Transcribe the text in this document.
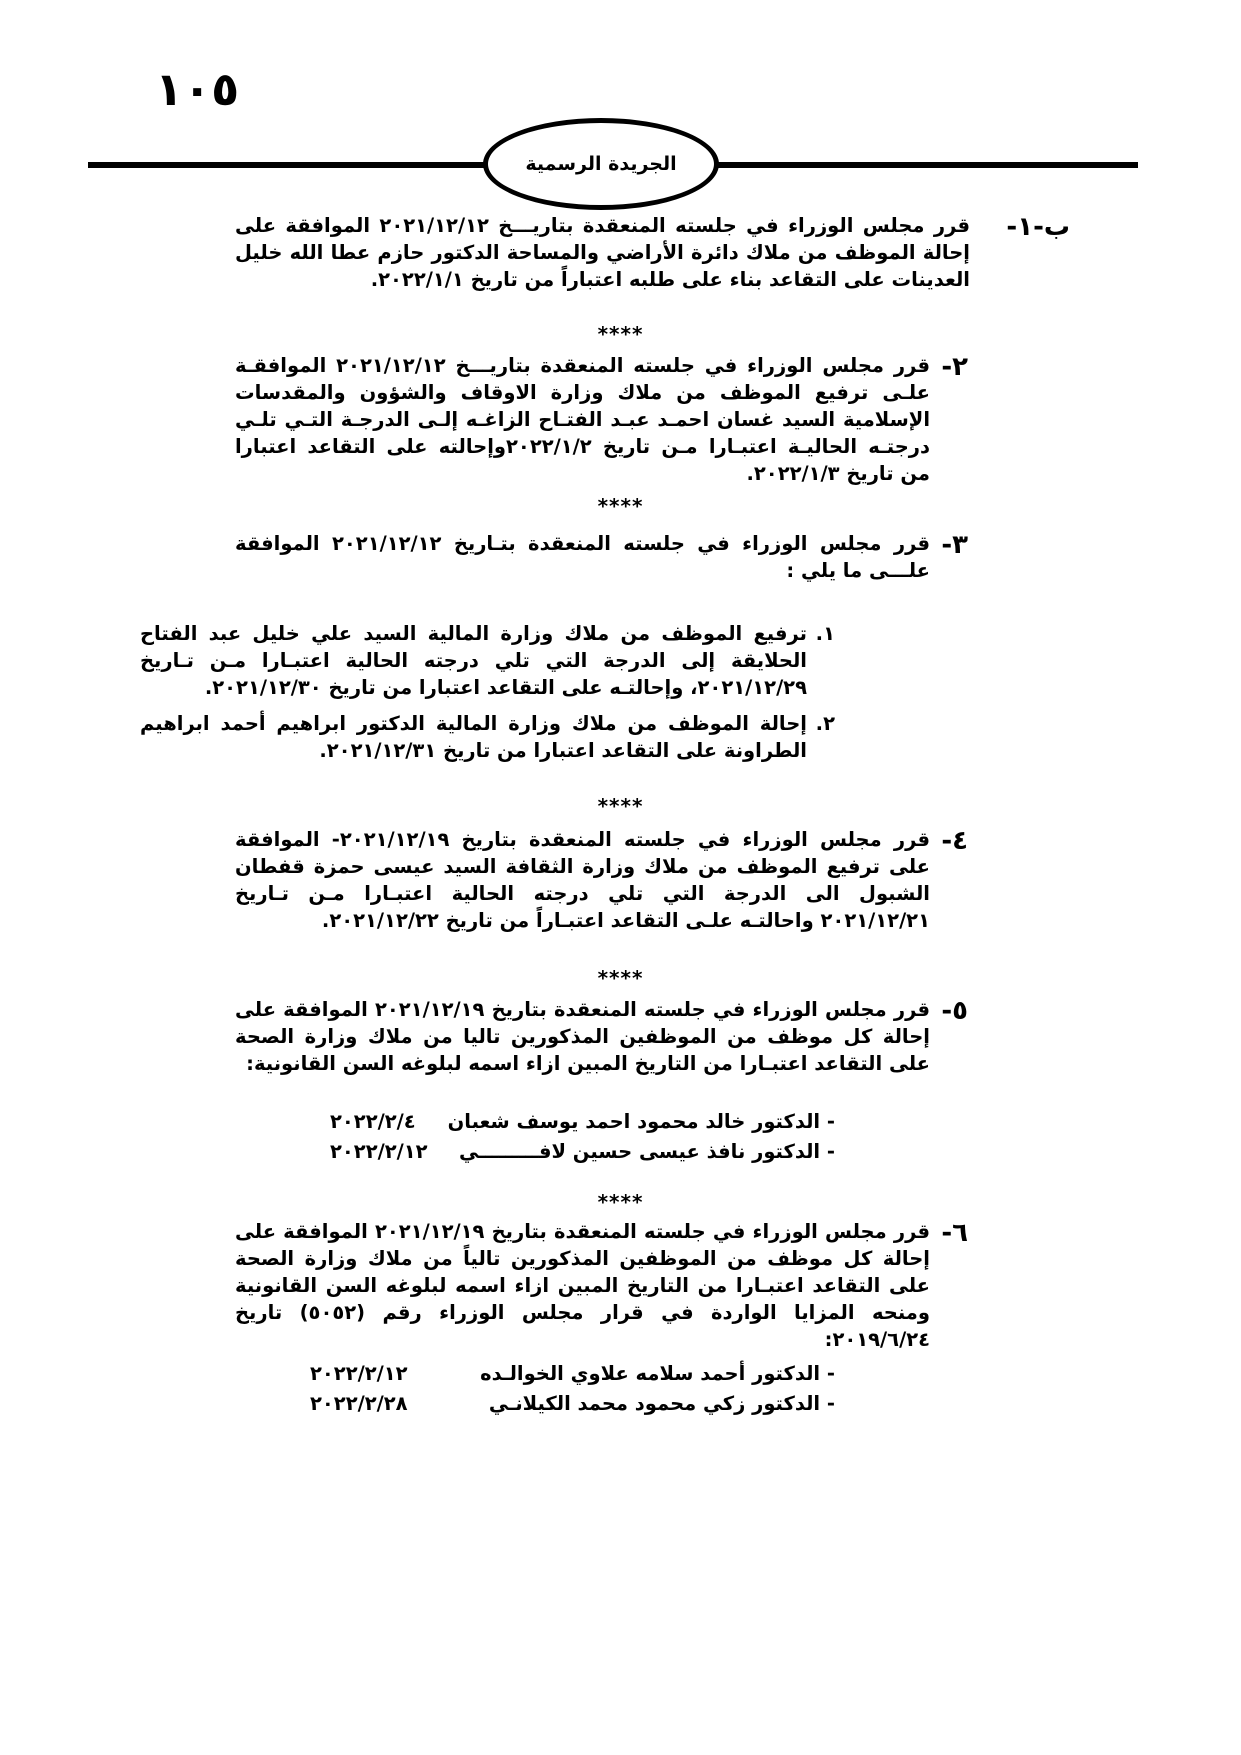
١٠٥
الجريدة الرسمية
ب-١-
قرر مجلس الوزراء في جلسته المنعقدة بتاريـــخ ٢٠٢١/١٢/١٢ الموافقة على إحالة الموظف من ملاك دائرة الأراضي والمساحة الدكتور حازم عطا الله خليل العدينات على التقاعد بناء على طلبه اعتباراً من تاريخ ٢٠٢٢/١/١.
****
٢-
قرر مجلس الوزراء في جلسته المنعقدة بتاريـــخ ٢٠٢١/١٢/١٢ الموافقـة علـى ترفيع الموظف من ملاك وزارة الاوقاف والشؤون والمقدسات الإسلامية السيد غسان احمـد عبـد الفتـاح الزاغـه إلـى الدرجـة التـي تلـي درجتـه الحاليـة اعتبـارا مـن تاريخ ٢٠٢٢/١/٢وإحالته على التقاعد اعتبارا من تاريخ ٢٠٢٢/١/٣.
****
٣-
قرر مجلس الوزراء في جلسته المنعقدة بتـاريخ ٢٠٢١/١٢/١٢ الموافقة علـــى ما يلي :
١.
ترفيع الموظف من ملاك وزارة المالية السيد علي خليل عبد الفتاح الحلايقة إلى الدرجة التي تلي درجته الحالية اعتبـارا مـن تـاريخ ٢٠٢١/١٢/٢٩، وإحالتـه على التقاعد اعتبارا من تاريخ ٢٠٢١/١٢/٣٠.
٢.
إحالة الموظف من ملاك وزارة المالية الدكتور ابراهيم أحمد ابراهيم الطراونة على التقاعد اعتبارا من تاريخ ٢٠٢١/١٢/٣١.
****
٤-
قرر مجلس الوزراء في جلسته المنعقدة بتاريخ ٢٠٢١/١٢/١٩- الموافقة على ترفيع الموظف من ملاك وزارة الثقافة السيد عيسى حمزة قفطان الشبول الى الدرجة التي تلي درجته الحالية اعتبـارا مـن تـاريخ ٢٠٢١/١٢/٢١ واحالتـه علـى التقاعد اعتبـاراً من تاريخ ٢٠٢١/١٢/٢٢.
****
٥-
قرر مجلس الوزراء في جلسته المنعقدة بتاريخ ٢٠٢١/١٢/١٩ الموافقة على إحالة كل موظف من الموظفين المذكورين تاليا من ملاك وزارة الصحة على التقاعد اعتبـارا من التاريخ المبين ازاء اسمه لبلوغه السن القانونية:
- الدكتور خالد محمود احمد يوسف شعبان
٢٠٢٢/٢/٤
- الدكتور نافذ عيسى حسين لافـــــــــي
٢٠٢٢/٢/١٢
****
٦-
قرر مجلس الوزراء في جلسته المنعقدة بتاريخ ٢٠٢١/١٢/١٩ الموافقة على إحالة كل موظف من الموظفين المذكورين تالياً من ملاك وزارة الصحة على التقاعد اعتبـارا من التاريخ المبين ازاء اسمه لبلوغه السن القانونية ومنحه المزايا الواردة في قرار مجلس الوزراء رقم (٥٠٥٢) تاريخ ٢٠١٩/٦/٢٤:
- الدكتور أحمد سلامه علاوي الخوالـده
٢٠٢٢/٢/١٢
- الدكتور زكي محمود محمد الكيلانـي
٢٠٢٢/٢/٢٨
